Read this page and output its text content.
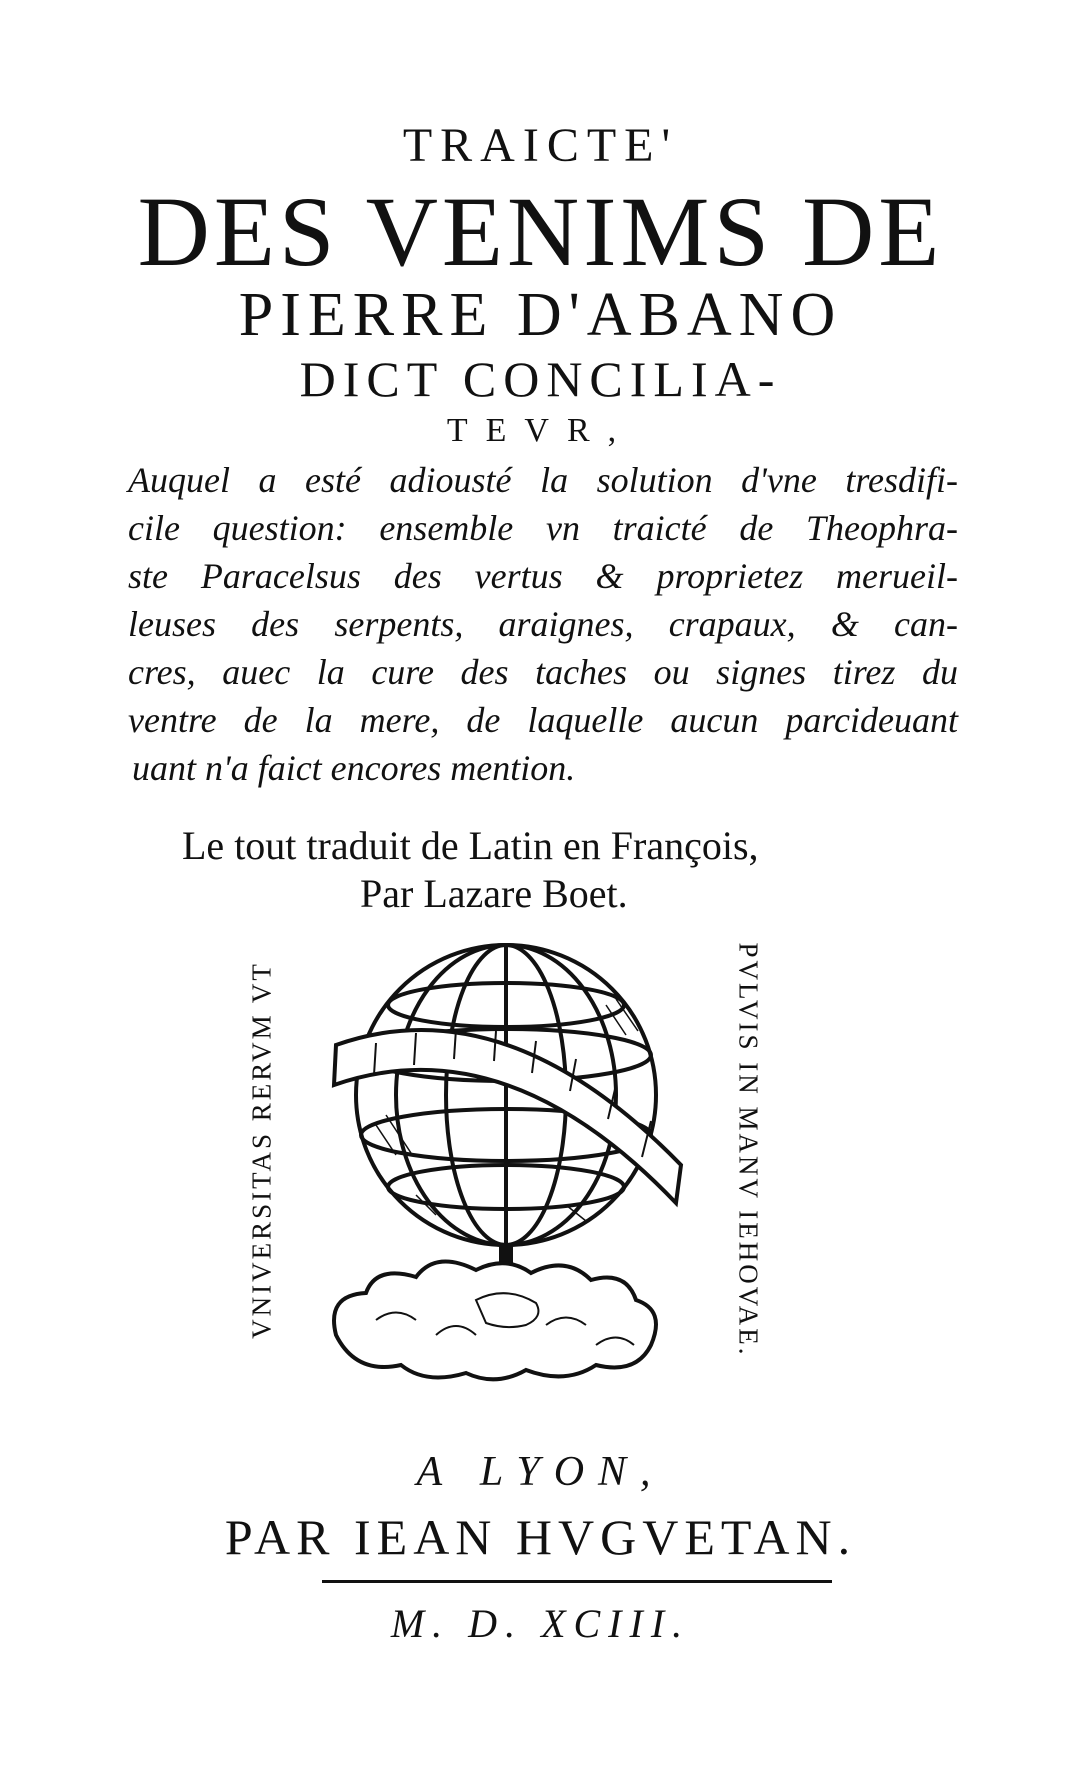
TRAICTE'
DES VENIMS DE
PIERRE D'ABANO
DICT CONCILIA-
TEVR,
Auquel a esté adiousté la solution d'vne tresdifi-
cile question: ensemble vn traicté de Theophra-
ste Paracelsus des vertus & proprietez merueil-
leuses des serpents, araignes, crapaux, & can-
cres, auec la cure des taches ou signes tirez du
ventre de la mere, de laquelle aucun parcideuant
uant n'a faict encores mention.
Le tout traduit de Latin en François,
Par Lazare Boet.
VNIVERSITAS RERVM VT	PVLVIS IN MANV IEHOVAE.
A LYON,
PAR IEAN HVGVETAN.
M. D. XCIII.
